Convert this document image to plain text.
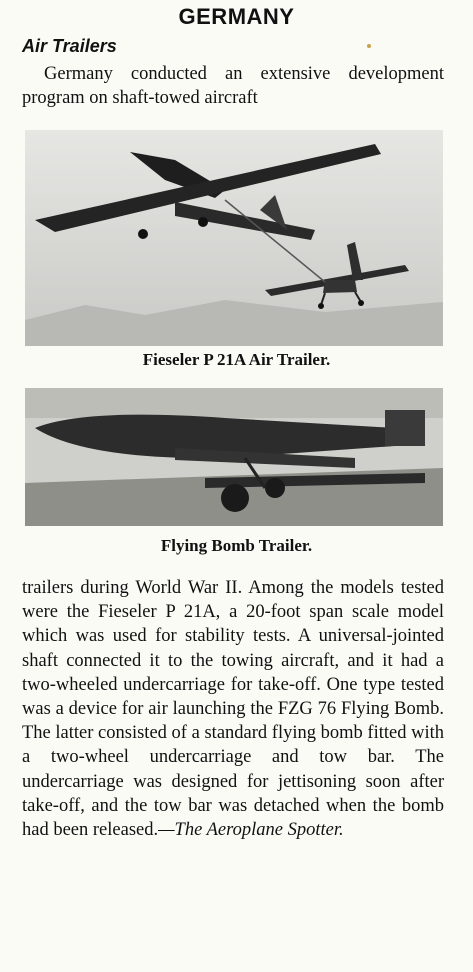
GERMANY
Air Trailers
Germany conducted an extensive development program on shaft-towed aircraft
Fieseler P 21A Air Trailer.
Flying Bomb Trailer.
trailers during World War II. Among the models tested were the Fieseler P 21A, a 20-foot span scale model which was used for stability tests. A universal-jointed shaft connected it to the towing aircraft, and it had a two-wheeled undercarriage for take-off. One type tested was a device for air launching the FZG 76 Flying Bomb. The latter consisted of a standard flying bomb fitted with a two-wheel undercarriage and tow bar. The undercarriage was designed for jettisoning soon after take-off, and the tow bar was detached when the bomb had been released.—The Aeroplane Spotter.
